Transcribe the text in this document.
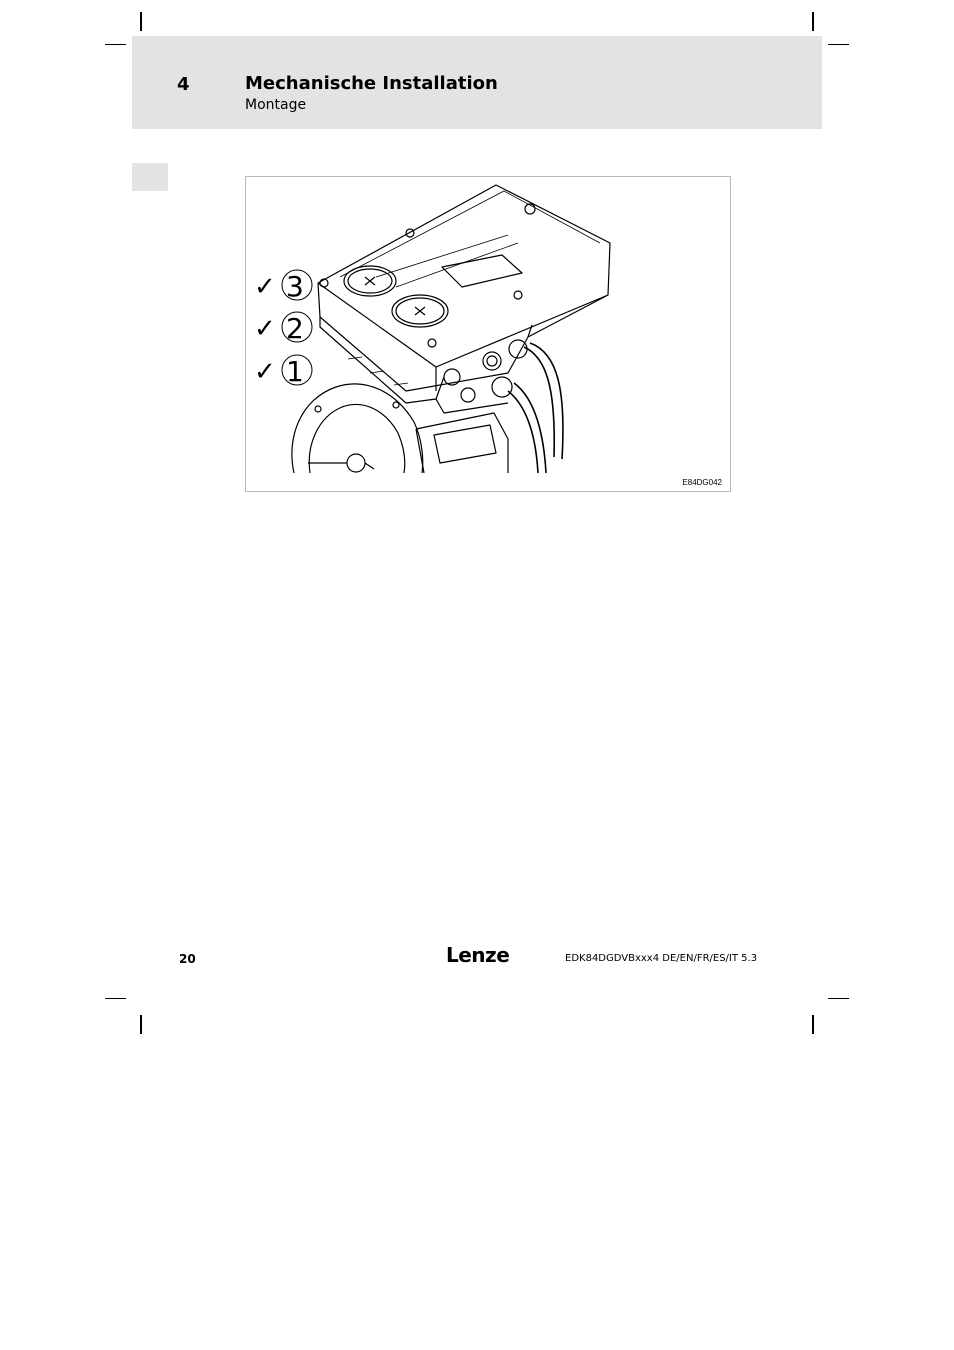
4	Mechanische Installation
Montage
✓ 3
✓ 2
✓ 1
E84DG042
20	Lenze	EDK84DGDVBxxx4 DE/EN/FR/ES/IT 5.3
